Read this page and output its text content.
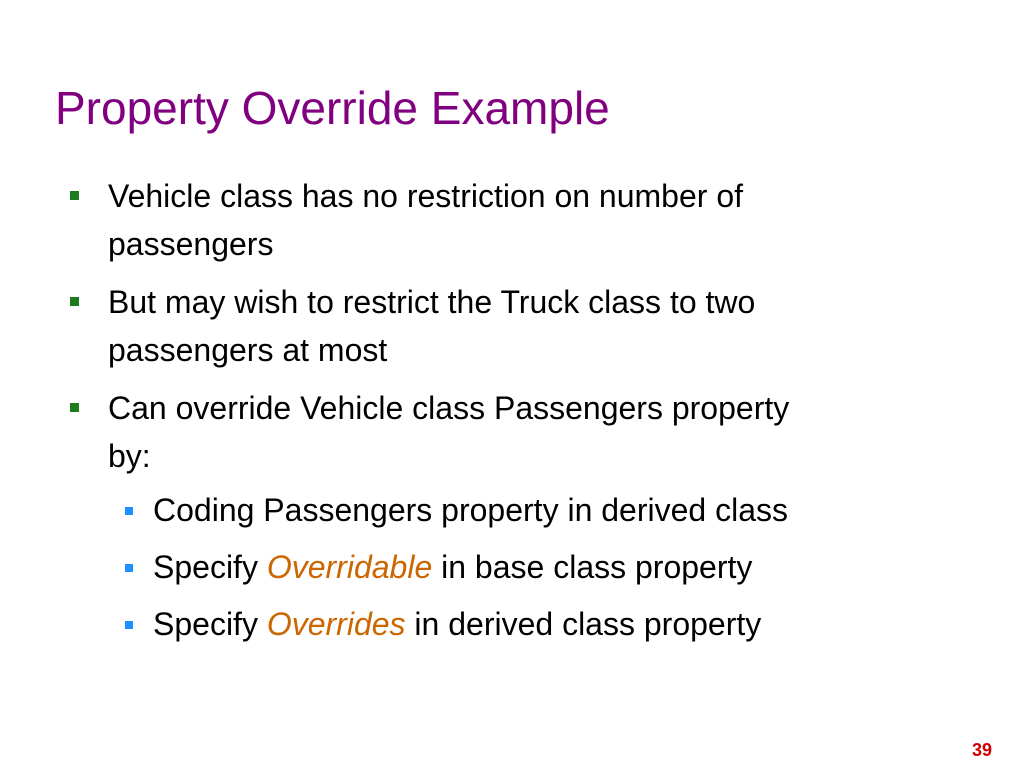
Property Override Example
Vehicle class has no restriction on number of
passengers
But may wish to restrict the Truck class to two
passengers at most
Can override Vehicle class Passengers property
by:
Coding Passengers property in derived class
Specify Overridable in base class property
Specify Overrides in derived class property
39
